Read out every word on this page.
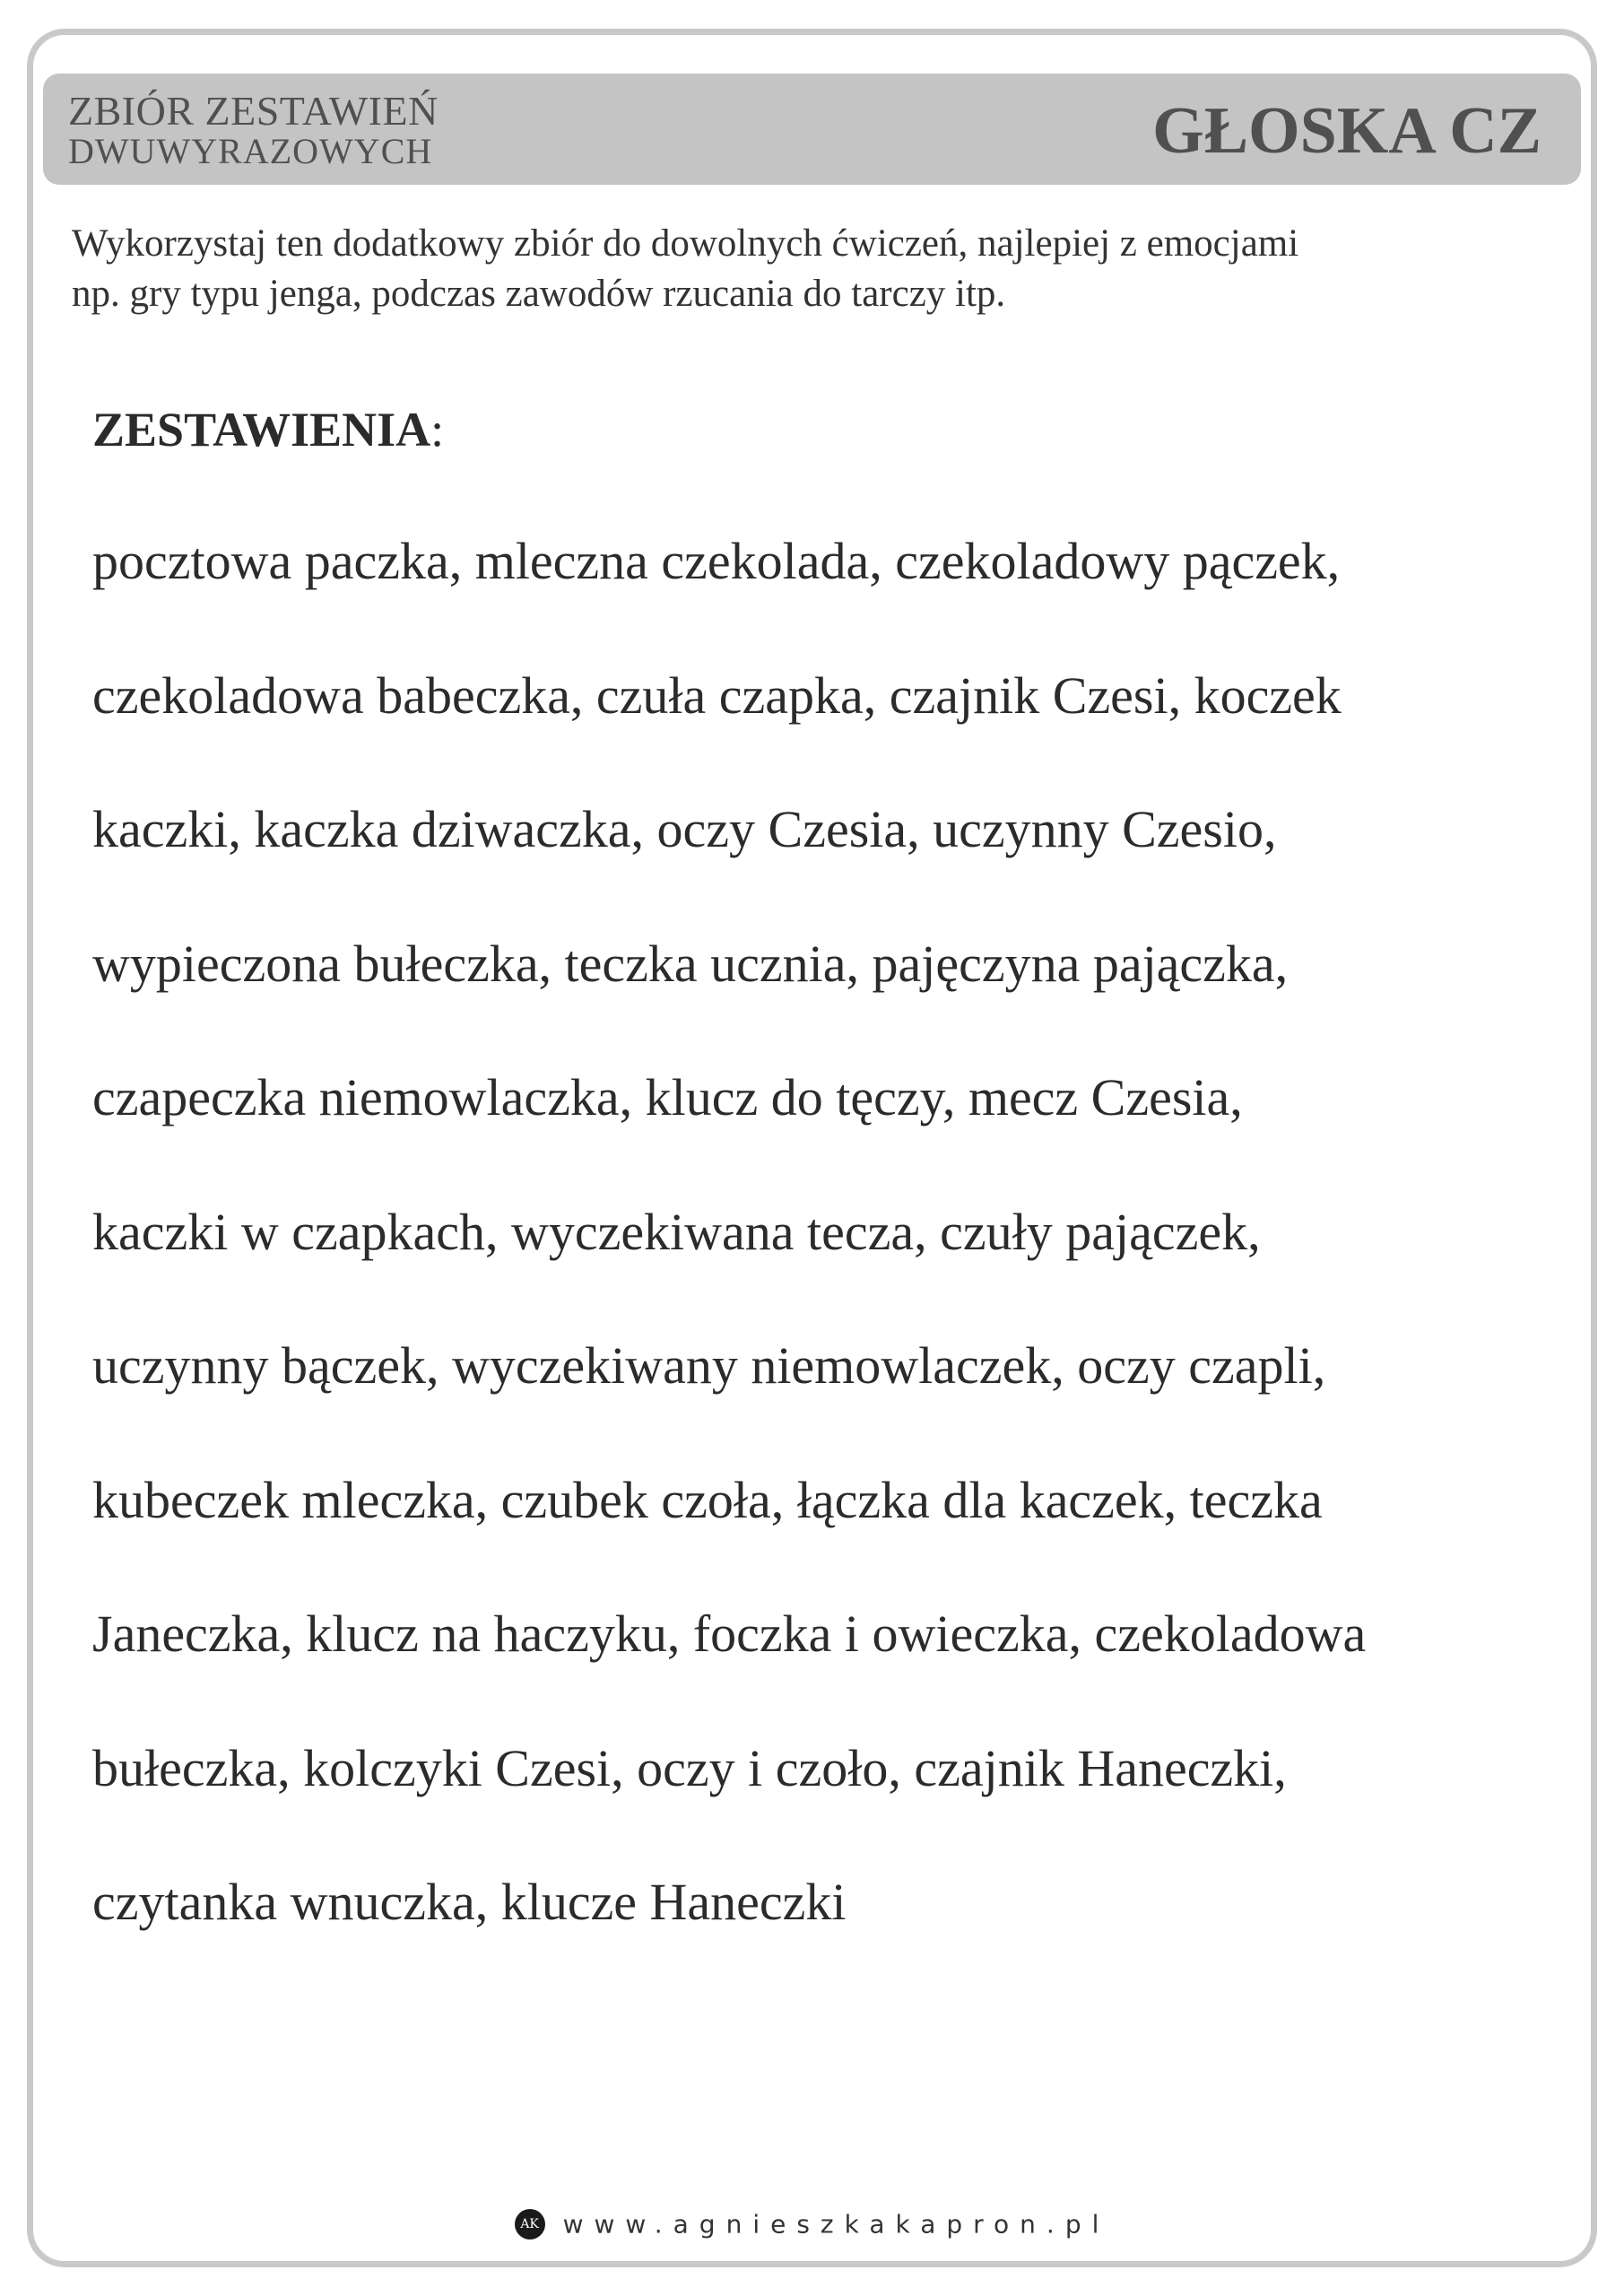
ZBIÓR ZESTAWIEŃ
DWUWYRAZOWYCH	GŁOSKA CZ
Wykorzystaj ten dodatkowy zbiór do dowolnych ćwiczeń, najlepiej z emocjami
np. gry typu jenga, podczas zawodów rzucania do tarczy itp.
ZESTAWIENIA:
pocztowa paczka, mleczna czekolada, czekoladowy pączek,
czekoladowa babeczka, czuła czapka, czajnik Czesi, koczek
kaczki, kaczka dziwaczka, oczy Czesia, uczynny Czesio,
wypieczona bułeczka, teczka ucznia, pajęczyna pajączka,
czapeczka niemowlaczka, klucz do tęczy, mecz Czesia,
kaczki w czapkach, wyczekiwana tecza, czuły pajączek,
uczynny bączek, wyczekiwany niemowlaczek, oczy czapli,
kubeczek mleczka, czubek czoła, łączka dla kaczek, teczka
Janeczka, klucz na haczyku, foczka i owieczka, czekoladowa
bułeczka, kolczyki Czesi, oczy i czoło, czajnik Haneczki,
czytanka wnuczka, klucze Haneczki
AK www.agnieszkakapron.pl
